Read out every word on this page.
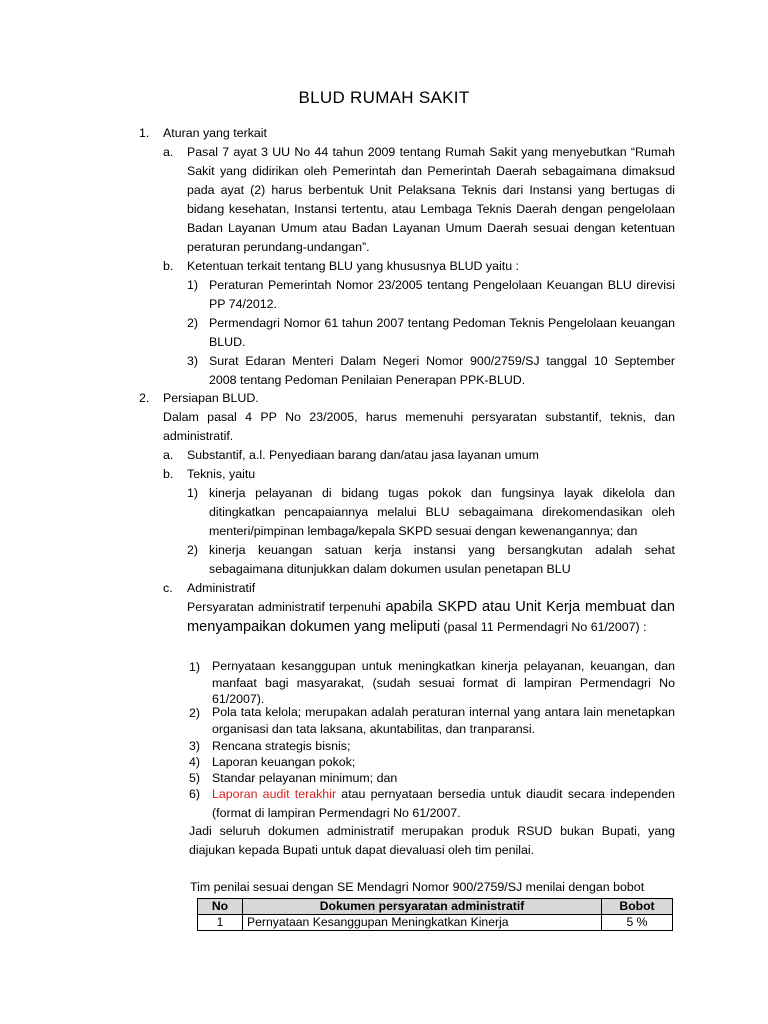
BLUD RUMAH SAKIT
1. Aturan yang terkait
a. Pasal 7 ayat 3 UU No 44 tahun 2009 tentang Rumah Sakit yang menyebutkan “Rumah Sakit yang didirikan oleh Pemerintah dan Pemerintah Daerah sebagaimana dimaksud pada ayat (2) harus berbentuk Unit Pelaksana Teknis dari Instansi yang bertugas di bidang kesehatan, Instansi tertentu, atau Lembaga Teknis Daerah dengan pengelolaan Badan Layanan Umum atau Badan Layanan Umum Daerah sesuai dengan ketentuan peraturan perundang-undangan”.
b. Ketentuan terkait tentang BLU yang khususnya BLUD yaitu :
1) Peraturan Pemerintah Nomor 23/2005 tentang Pengelolaan Keuangan BLU direvisi PP 74/2012.
2) Permendagri Nomor 61 tahun 2007 tentang Pedoman Teknis Pengelolaan keuangan BLUD.
3) Surat Edaran Menteri Dalam Negeri Nomor 900/2759/SJ tanggal 10 September 2008 tentang Pedoman Penilaian Penerapan PPK-BLUD.
2. Persiapan BLUD.
Dalam pasal 4 PP No 23/2005, harus memenuhi persyaratan substantif, teknis, dan administratif.
a. Substantif, a.l. Penyediaan barang dan/atau jasa layanan umum
b. Teknis, yaitu
1) kinerja pelayanan di bidang tugas pokok dan fungsinya layak dikelola dan ditingkatkan pencapaiannya melalui BLU sebagaimana direkomendasikan oleh menteri/pimpinan lembaga/kepala SKPD sesuai dengan kewenangannya; dan
2) kinerja keuangan satuan kerja instansi yang bersangkutan adalah sehat sebagaimana ditunjukkan dalam dokumen usulan penetapan BLU
c. Administratif
Persyaratan administratif terpenuhi apabila SKPD atau Unit Kerja membuat dan menyampaikan dokumen yang meliputi (pasal 11 Permendagri No 61/2007) :
1) Pernyataan kesanggupan untuk meningkatkan kinerja pelayanan, keuangan, dan manfaat bagi masyarakat, (sudah sesuai format di lampiran Permendagri No 61/2007).
2) Pola tata kelola; merupakan adalah peraturan internal yang antara lain menetapkan organisasi dan tata laksana, akuntabilitas, dan tranparansi.
3) Rencana strategis bisnis;
4) Laporan keuangan pokok;
5) Standar pelayanan minimum; dan
6) Laporan audit terakhir atau pernyataan bersedia untuk diaudit secara independen (format di lampiran Permendagri No 61/2007.
Jadi seluruh dokumen administratif merupakan produk RSUD bukan Bupati, yang diajukan kepada Bupati untuk dapat dievaluasi oleh tim penilai.
Tim penilai sesuai dengan SE Mendagri Nomor 900/2759/SJ menilai dengan bobot
No	Dokumen persyaratan administratif	Bobot
1	Pernyataan Kesanggupan Meningkatkan Kinerja	5 %
